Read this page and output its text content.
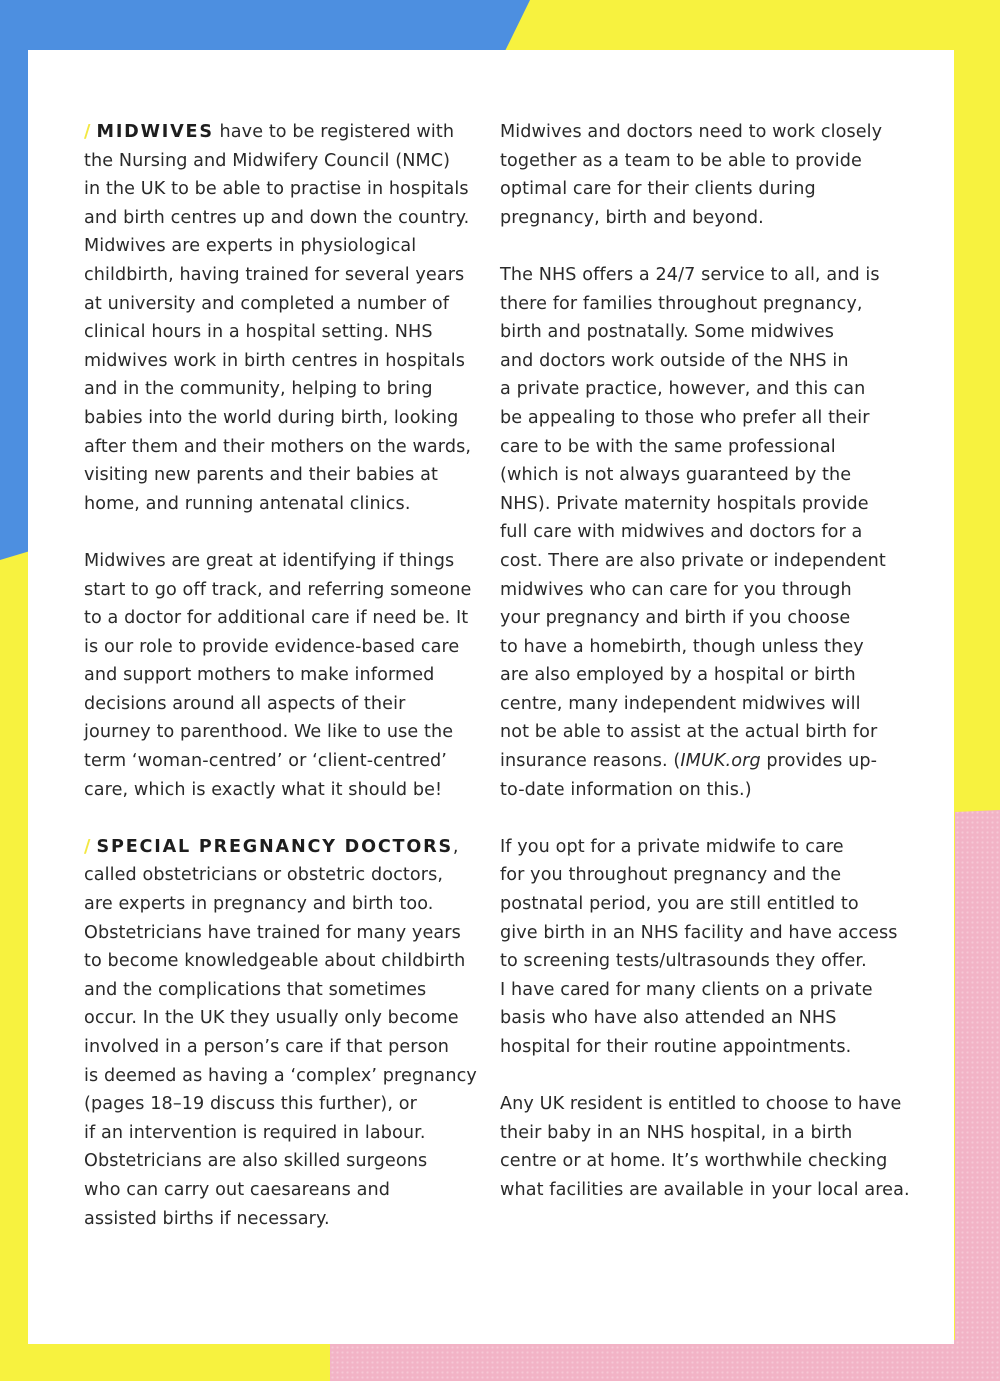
/ MIDWIVES have to be registered with
the Nursing and Midwifery Council (NMC)
in the UK to be able to practise in hospitals
and birth centres up and down the country.
Midwives are experts in physiological
childbirth, having trained for several years
at university and completed a number of
clinical hours in a hospital setting. NHS
midwives work in birth centres in hospitals
and in the community, helping to bring
babies into the world during birth, looking
after them and their mothers on the wards,
visiting new parents and their babies at
home, and running antenatal clinics.

Midwives are great at identifying if things
start to go off track, and referring someone
to a doctor for additional care if need be. It
is our role to provide evidence-based care
and support mothers to make informed
decisions around all aspects of their
journey to parenthood. We like to use the
term ‘woman-centred’ or ‘client-centred’
care, which is exactly what it should be!

/ SPECIAL PREGNANCY DOCTORS,
called obstetricians or obstetric doctors,
are experts in pregnancy and birth too.
Obstetricians have trained for many years
to become knowledgeable about childbirth
and the complications that sometimes
occur. In the UK they usually only become
involved in a person’s care if that person
is deemed as having a ‘complex’ pregnancy
(pages 18–19 discuss this further), or
if an intervention is required in labour.
Obstetricians are also skilled surgeons
who can carry out caesareans and
assisted births if necessary.

Midwives and doctors need to work closely
together as a team to be able to provide
optimal care for their clients during
pregnancy, birth and beyond.

The NHS offers a 24/7 service to all, and is
there for families throughout pregnancy,
birth and postnatally. Some midwives
and doctors work outside of the NHS in
a private practice, however, and this can
be appealing to those who prefer all their
care to be with the same professional
(which is not always guaranteed by the
NHS). Private maternity hospitals provide
full care with midwives and doctors for a
cost. There are also private or independent
midwives who can care for you through
your pregnancy and birth if you choose
to have a homebirth, though unless they
are also employed by a hospital or birth
centre, many independent midwives will
not be able to assist at the actual birth for
insurance reasons. (IMUK.org provides up-
to-date information on this.)

If you opt for a private midwife to care
for you throughout pregnancy and the
postnatal period, you are still entitled to
give birth in an NHS facility and have access
to screening tests/ultrasounds they offer.
I have cared for many clients on a private
basis who have also attended an NHS
hospital for their routine appointments.

Any UK resident is entitled to choose to have
their baby in an NHS hospital, in a birth
centre or at home. It’s worthwhile checking
what facilities are available in your local area.
